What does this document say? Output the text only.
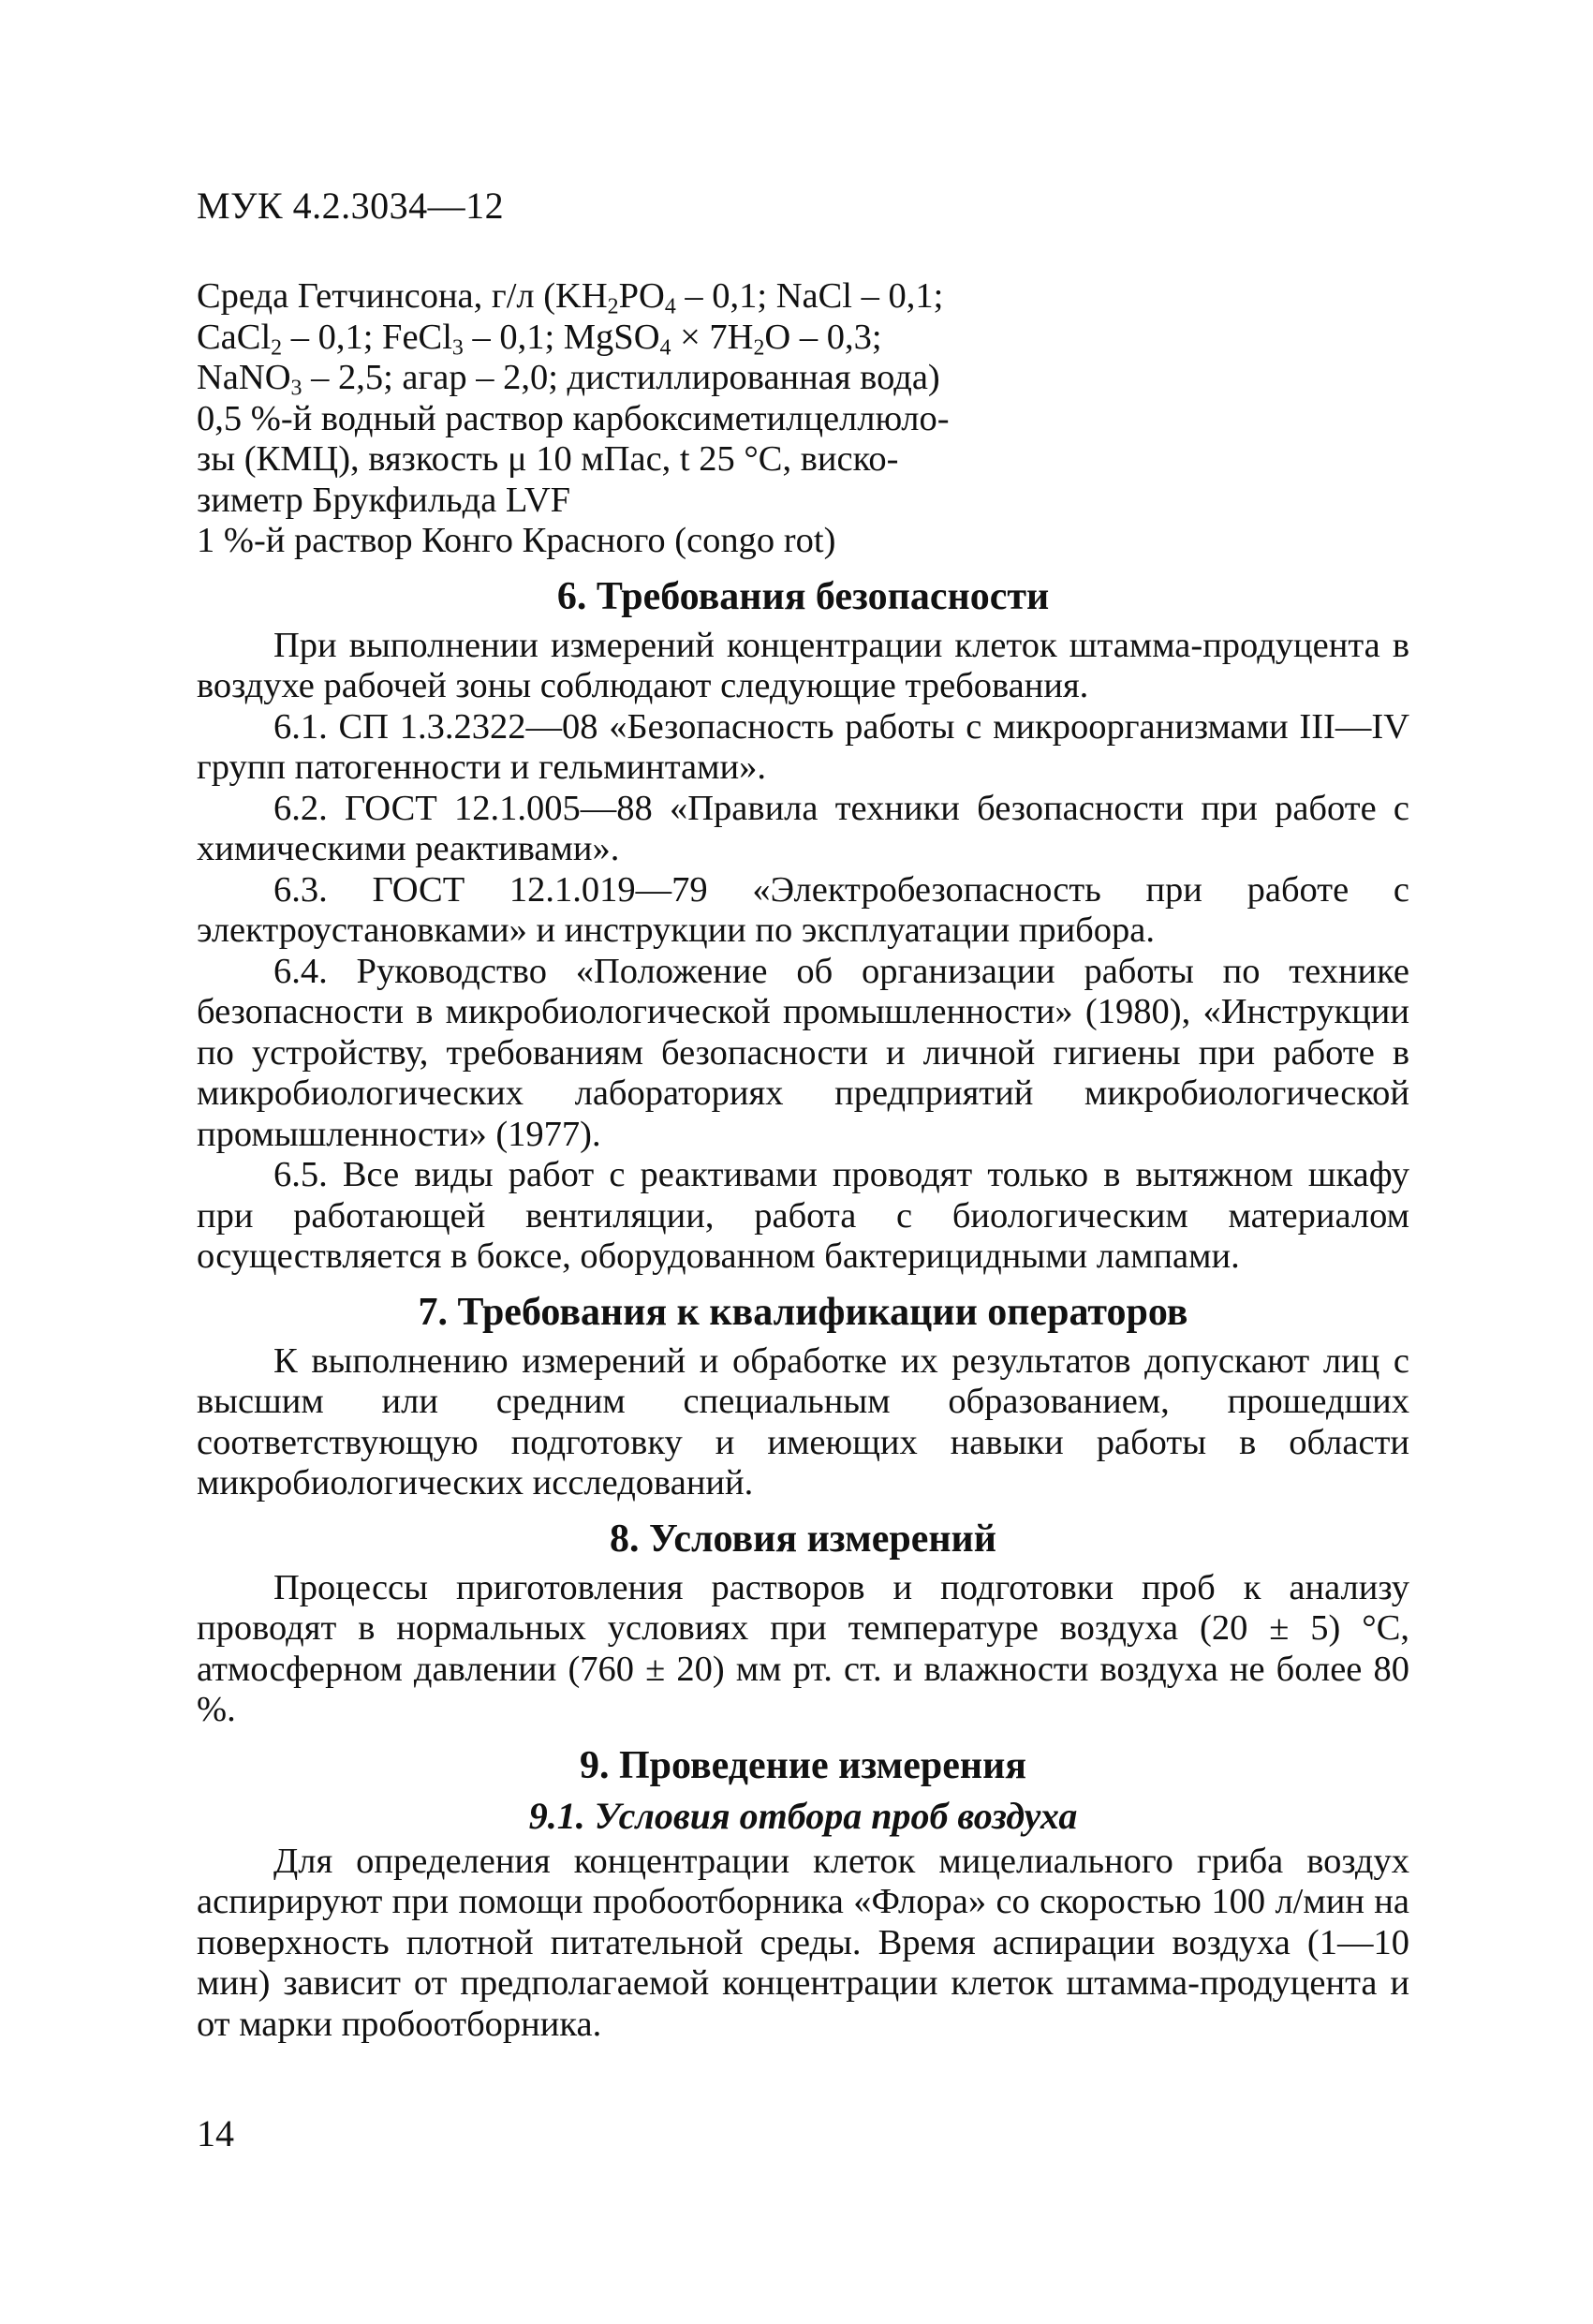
МУК 4.2.3034—12

Среда Гетчинсона, г/л ($KH_2PO_4 - 0,1$; NaCl – 0,1;

CaCl$_2$ – 0,1; FeCl$_3$ – 0,1; MgSO$_4$ × $7H_2O - 0,3$;

NaNO$_3$ – 2,5; агар – 2,0; дистиллированная вода)

0,5 %-й водный раствор карбоксиметилцеллюло-

зы (КМЦ), вязкость μ 10 мПас, t 25 °С, виско-

зиметр Брукфильда LVF

1 %-й раствор Конго Красного (congo rot)

6. Требования безопасности

При выполнении измерений концентрации клеток штамма-продуцента в воздухе рабочей зоны соблюдают следующие требования.

6.1. СП 1.3.2322—08 «Безопасность работы с микроорганизмами III—IV групп патогенности и гельминтами».

6.2. ГОСТ 12.1.005—88 «Правила техники безопасности при работе с химическими реактивами».

6.3. ГОСТ 12.1.019—79 «Электробезопасность при работе с электроустановками» и инструкции по эксплуатации прибора.

6.4. Руководство «Положение об организации работы по технике безопасности в микробиологической промышленности» (1980), «Инструкции по устройству, требованиям безопасности и личной гигиены при работе в микробиологических лабораториях предприятий микробиологической промышленности» (1977).

6.5. Все виды работ с реактивами проводят только в вытяжном шкафу при работающей вентиляции, работа с биологическим материалом осуществляется в боксе, оборудованном бактерицидными лампами.

7. Требования к квалификации операторов

К выполнению измерений и обработке их результатов допускают лиц с высшим или средним специальным образованием, прошедших соответствующую подготовку и имеющих навыки работы в области микробиологических исследований.

8. Условия измерений

Процессы приготовления растворов и подготовки проб к анализу проводят в нормальных условиях при температуре воздуха (20 ± 5) °С, атмосферном давлении (760 ± 20) мм рт. ст. и влажности воздуха не более 80 %.

9. Проведение измерения
9.1. Условия отбора проб воздуха

Для определения концентрации клеток мицелиального гриба воздух аспирируют при помощи пробоотборника «Флора» со скоростью 100 л/мин на поверхность плотной питательной среды. Время аспирации воздуха (1—10 мин) зависит от предполагаемой концентрации клеток штамма-продуцента и от марки пробоотборника.

14
